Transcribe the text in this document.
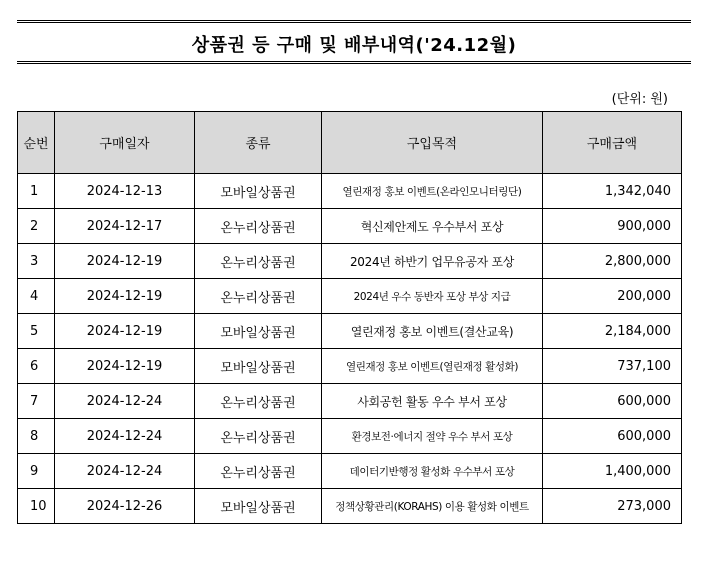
상품권 등 구매 및 배부내역('24.12월)
(단위: 원)
순번	구매일자	종류	구입목적	구매금액
1	2024-12-13	모바일상품권	열린재정 홍보 이벤트(온라인모니터링단)	1,342,040
2	2024-12-17	온누리상품권	혁신제안제도 우수부서 포상	900,000
3	2024-12-19	온누리상품권	2024년 하반기 업무유공자 포상	2,800,000
4	2024-12-19	온누리상품권	2024년 우수 동반자 포상 부상 지급	200,000
5	2024-12-19	모바일상품권	열린재정 홍보 이벤트(결산교육)	2,184,000
6	2024-12-19	모바일상품권	열린재정 홍보 이벤트(열린재정 활성화)	737,100
7	2024-12-24	온누리상품권	사회공헌 활동 우수 부서 포상	600,000
8	2024-12-24	온누리상품권	환경보전·에너지 절약 우수 부서 포상	600,000
9	2024-12-24	온누리상품권	데이터기반행정 활성화 우수부서 포상	1,400,000
10	2024-12-26	모바일상품권	정책상황관리(KORAHS) 이용 활성화 이벤트	273,000
